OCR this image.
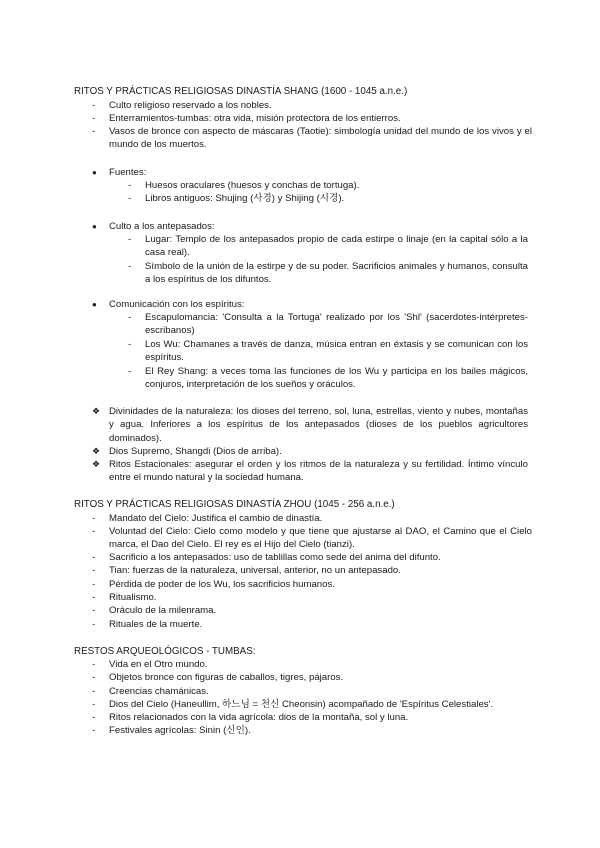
RITOS Y PRÁCTICAS RELIGIOSAS DINASTÍA SHANG (1600 - 1045 a.n.e.)
- Culto religioso reservado a los nobles.
- Enterramientos-tumbas: otra vida, misión protectora de los entierros.
- Vasos de bronce con aspecto de máscaras (Taotie): simbología unidad del mundo de los vivos y el mundo de los muertos.
● Fuentes:
- Huesos oraculares (huesos y conchas de tortuga).
- Libros antiguos: Shujing (사경) y Shijing (시경).
● Culto a los antepasados:
- Lugar: Templo de los antepasados propio de cada estirpe o linaje (en la capital sólo a la casa real).
- Símbolo de la unión de la estirpe y de su poder. Sacrificios animales y humanos, consulta a los espíritus de los difuntos.
● Comunicación con los espíritus:
- Escapulomancia: 'Consulta a la Tortuga' realizado por los 'Shǐ' (sacerdotes-intérpretes-escribanos)
- Los Wu: Chamanes a través de danza, música entran en éxtasis y se comunican con los espíritus.
- El Rey Shang: a veces toma las funciones de los Wu y participa en los bailes mágicos, conjuros, interpretación de los sueños y oráculos.
❖ Divinidades de la naturaleza: los dioses del terreno, sol, luna, estrellas, viento y nubes, montañas y agua. Inferiores a los espíritus de los antepasados (dioses de los pueblos agricultores dominados).
❖ Dios Supremo, Shangdi (Dios de arriba).
❖ Ritos Estacionales: asegurar el orden y los ritmos de la naturaleza y su fertilidad. Íntimo vínculo entre el mundo natural y la sociedad humana.
RITOS Y PRÁCTICAS RELIGIOSAS DINASTÍA ZHOU (1045 - 256 a.n.e.)
- Mandato del Cielo: Justifica el cambio de dinastía.
- Voluntad del Cielo: Cielo como modelo y que tiene que ajustarse al DAO, el Camino que el Cielo marca, el Dao del Cielo. El rey es el Hijo del Cielo (tianzi).
- Sacrificio a los antepasados: uso de tablillas como sede del anima del difunto.
- Tian: fuerzas de la naturaleza, universal, anterior, no un antepasado.
- Pérdida de poder de los Wu, los sacrificios humanos.
- Ritualismo.
- Oráculo de la milenrama.
- Rituales de la muerte.
RESTOS ARQUEOLÓGICOS - TUMBAS:
- Vida en el Otro mundo.
- Objetos bronce con figuras de caballos, tigres, pájaros.
- Creencias chamánicas.
- Dios del Cielo (Haneullim, 하느님 = 천신 Cheonsin) acompañado de 'Espíritus Celestiales'.
- Ritos relacionados con la vida agrícola: dios de la montaña, sol y luna.
- Festivales agrícolas: Sinin (신인).
